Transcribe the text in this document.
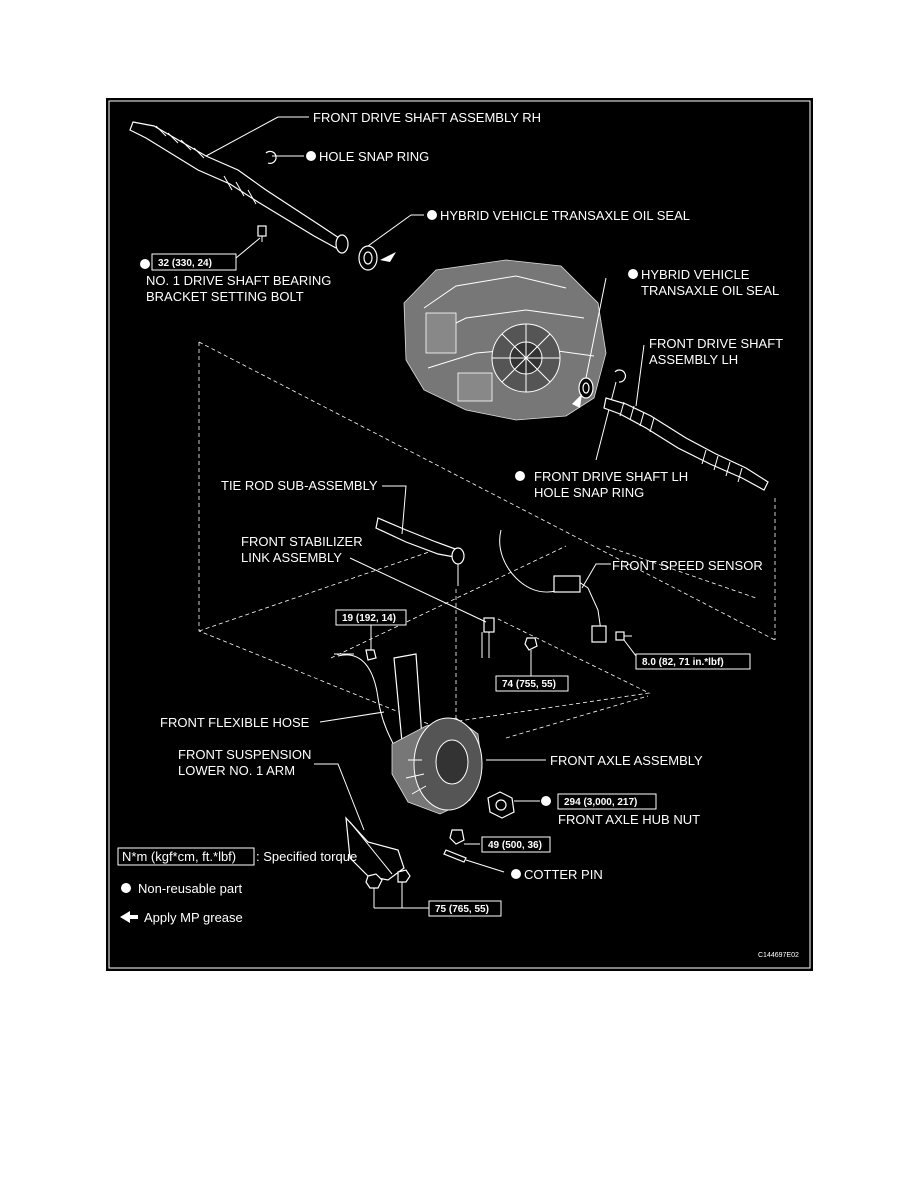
FRONT DRIVE SHAFT ASSEMBLY RH
HOLE SNAP RING
HYBRID VEHICLE TRANSAXLE OIL SEAL
32 (330, 24)
NO. 1 DRIVE SHAFT BEARING
BRACKET SETTING BOLT
HYBRID VEHICLE
TRANSAXLE OIL SEAL
FRONT DRIVE SHAFT LH
HOLE SNAP RING
FRONT DRIVE SHAFT
ASSEMBLY LH
TIE ROD SUB-ASSEMBLY
FRONT STABILIZER
LINK ASSEMBLY
74 (755, 55)
19 (192, 14)
FRONT SPEED SENSOR
8.0 (82, 71 in.*lbf)
FRONT FLEXIBLE HOSE
FRONT AXLE ASSEMBLY
FRONT SUSPENSION
LOWER NO. 1 ARM
294 (3,000, 217)
FRONT AXLE HUB NUT
49 (500, 36)
COTTER PIN
75 (765, 55)
N*m (kgf*cm, ft.*lbf) : Specified torque
Non-reusable part
Apply MP grease
C144697E02
